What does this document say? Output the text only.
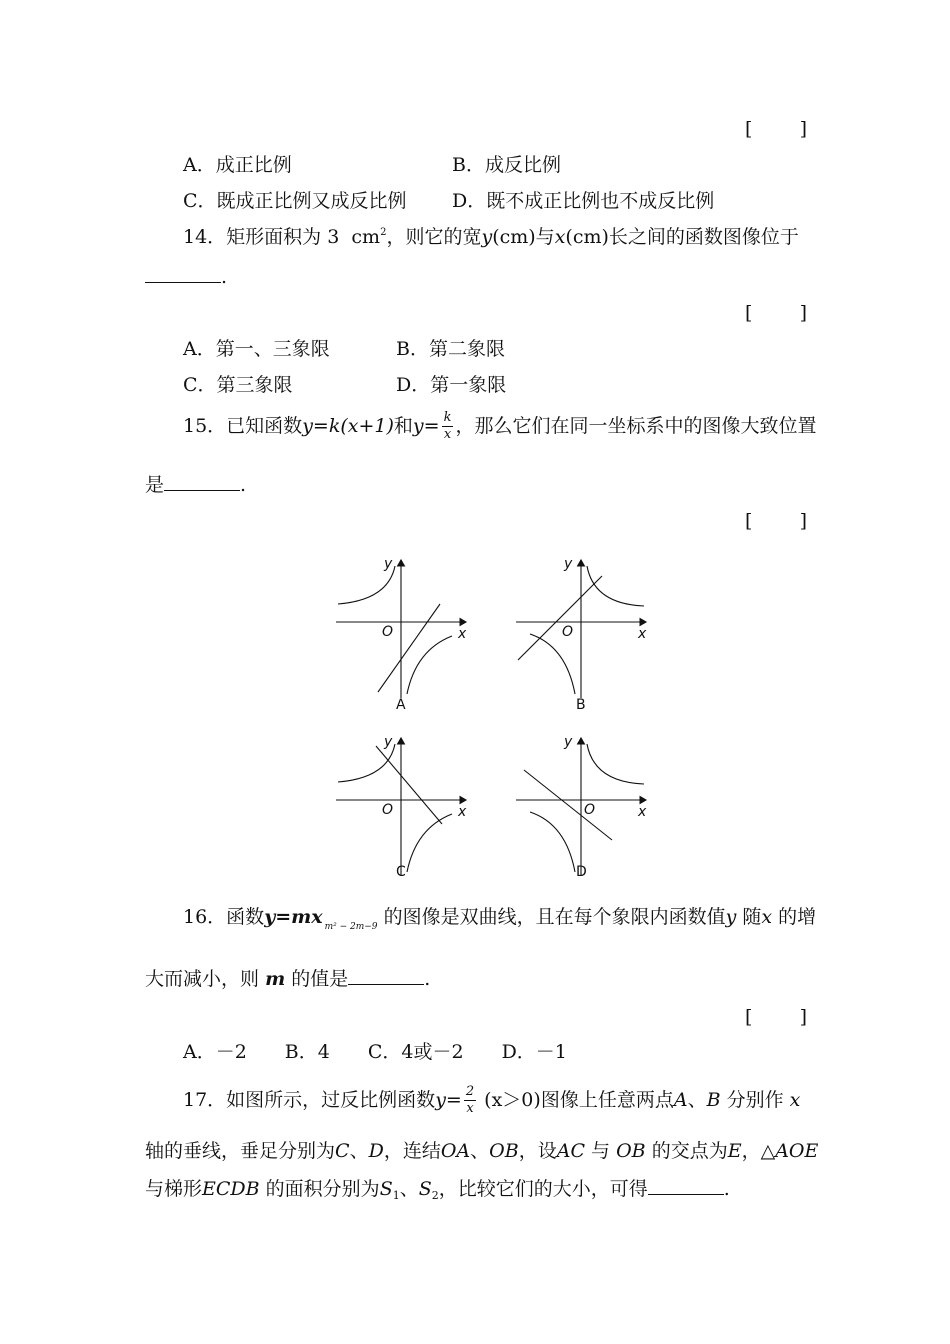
[ ]
A．成正比例	B．成反比例
C．既成正比例又成反比例 D．既不成正比例也不成反比例
14．矩形面积为 3 $cm^2$，则它的宽y(cm)与x(cm)长之间的函数图像位于
.
[ ]
A．第一、三象限	B．第二象限
C．第三象限	D．第一象限
15．已知函数y=k(x+1)和$y= \frac{k}{x}$ ，那么它们在同一坐标系中的图像大致位置
是	.
[ ]
y
x
O
A
y
x
O
B
y
x
O
C
y
x
O
D
16．函数y=mx $_{m^2 - 2m-9}$ 的图像是双曲线，且在每个象限内函数值y 随x 的增
大而减小，则 m 的值是	.
[ ]
A．－2　　B．4　　C．4或－2　　D．－1
17．如图所示，过反比例函数$y= \frac{2}{x} (x>0)$图像上任意两点A、B 分别作 x
轴的垂线，垂足分别为C、D，连结OA、OB，设AC 与 OB 的交点为E，△AOE
与梯形ECDB 的面积分别为$S_1$、$S_2$，比较它们的大小，可得	.
